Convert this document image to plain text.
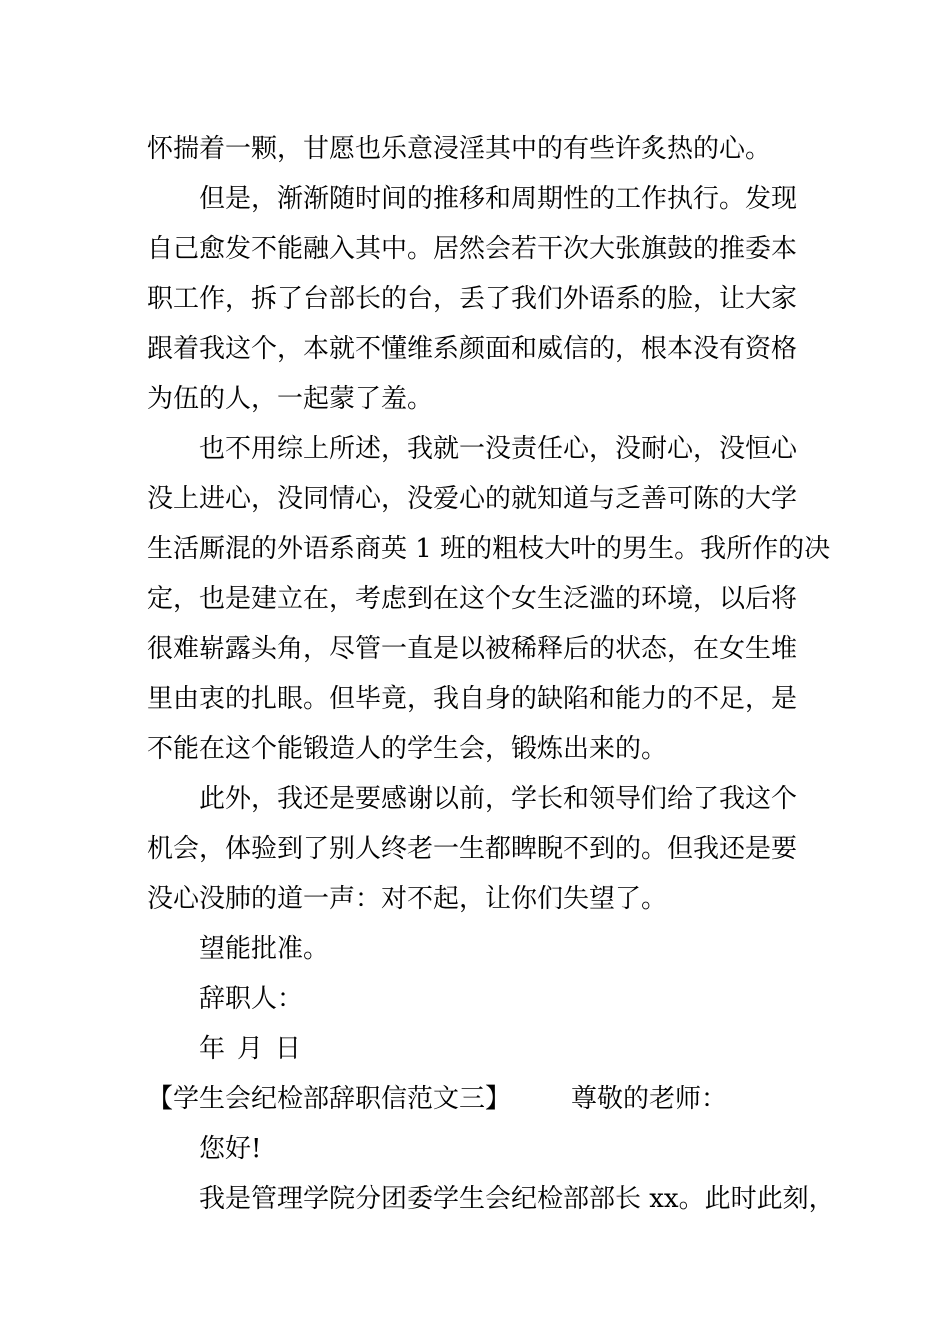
怀揣着一颗，甘愿也乐意浸淫其中的有些许炙热的心。
但是，渐渐随时间的推移和周期性的工作执行。发现
自己愈发不能融入其中。居然会若干次大张旗鼓的推委本
职工作，拆了台部长的台，丢了我们外语系的脸，让大家
跟着我这个，本就不懂维系颜面和威信的，根本没有资格
为伍的人，一起蒙了羞。
也不用综上所述，我就一没责任心，没耐心，没恒心
没上进心，没同情心，没爱心的就知道与乏善可陈的大学
生活厮混的外语系商英 1 班的粗枝大叶的男生。我所作的决
定，也是建立在，考虑到在这个女生泛滥的环境，以后将
很难崭露头角，尽管一直是以被稀释后的状态，在女生堆
里由衷的扎眼。但毕竟，我自身的缺陷和能力的不足，是
不能在这个能锻造人的学生会，锻炼出来的。
此外，我还是要感谢以前，学长和领导们给了我这个
机会，体验到了别人终老一生都睥睨不到的。但我还是要
没心没肺的道一声：对不起，让你们失望了。
望能批准。
辞职人：
年 月 日
【学生会纪检部辞职信范文三】 尊敬的老师：
您好!
我是管理学院分团委学生会纪检部部长 xx。此时此刻，
